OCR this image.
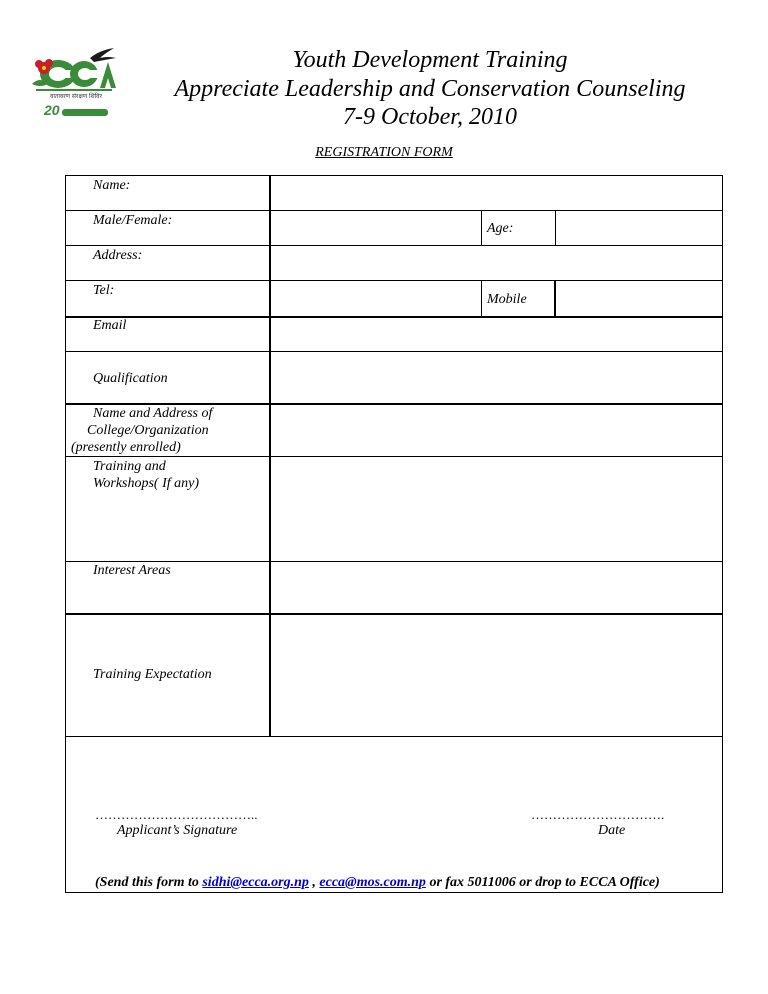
वातावरण संरक्षण शिविर
20
Youth Development Training
Appreciate Leadership and Conservation Counseling
7-9 October, 2010
REGISTRATION FORM
Name:
Male/Female:
Age:
Address:
Tel:
Mobile
Email
Qualification
Name and Address of
College/Organization
(presently enrolled)
Training and
Workshops( If any)
Interest Areas
Training Expectation
………………………………..
Applicant’s Signature
………………………….
Date
(Send this form to sidhi@ecca.org.np , ecca@mos.com.np or fax 5011006 or drop to ECCA Office)
